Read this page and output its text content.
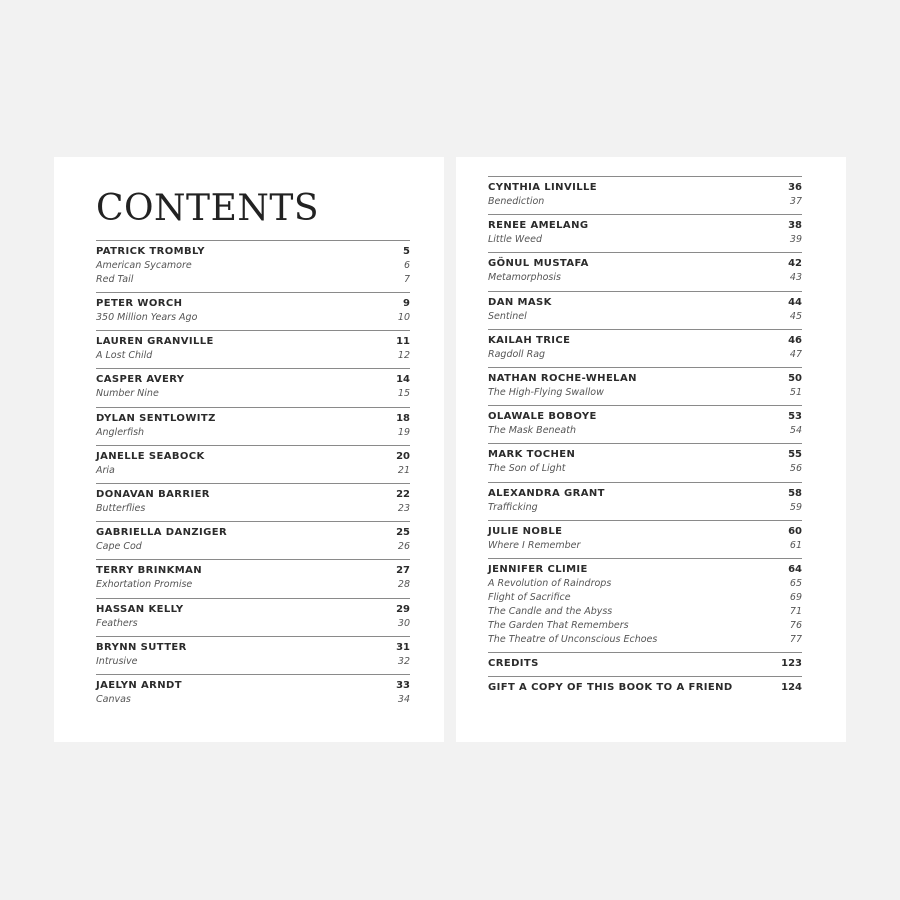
CONTENTS
PATRICK TROMBLY	5
American Sycamore	6
Red Tail	7
PETER WORCH	9
350 Million Years Ago	10
LAUREN GRANVILLE	11
A Lost Child	12
CASPER AVERY	14
Number Nine	15
DYLAN SENTLOWITZ	18
Anglerfish	19
JANELLE SEABOCK	20
Aria	21
DONAVAN BARRIER	22
Butterflies	23
GABRIELLA DANZIGER	25
Cape Cod	26
TERRY BRINKMAN	27
Exhortation Promise	28
HASSAN KELLY	29
Feathers	30
BRYNN SUTTER	31
Intrusive	32
JAELYN ARNDT	33
Canvas	34
CYNTHIA LINVILLE	36
Benediction	37
RENEE AMELANG	38
Little Weed	39
GÖNUL MUSTAFA	42
Metamorphosis	43
DAN MASK	44
Sentinel	45
KAILAH TRICE	46
Ragdoll Rag	47
NATHAN ROCHE-WHELAN	50
The High-Flying Swallow	51
OLAWALE BOBOYE	53
The Mask Beneath	54
MARK TOCHEN	55
The Son of Light	56
ALEXANDRA GRANT	58
Trafficking	59
JULIE NOBLE	60
Where I Remember	61
JENNIFER CLIMIE	64
A Revolution of Raindrops	65
Flight of Sacrifice	69
The Candle and the Abyss	71
The Garden That Remembers	76
The Theatre of Unconscious Echoes	77
CREDITS	123
GIFT A COPY OF THIS BOOK TO A FRIEND	124
